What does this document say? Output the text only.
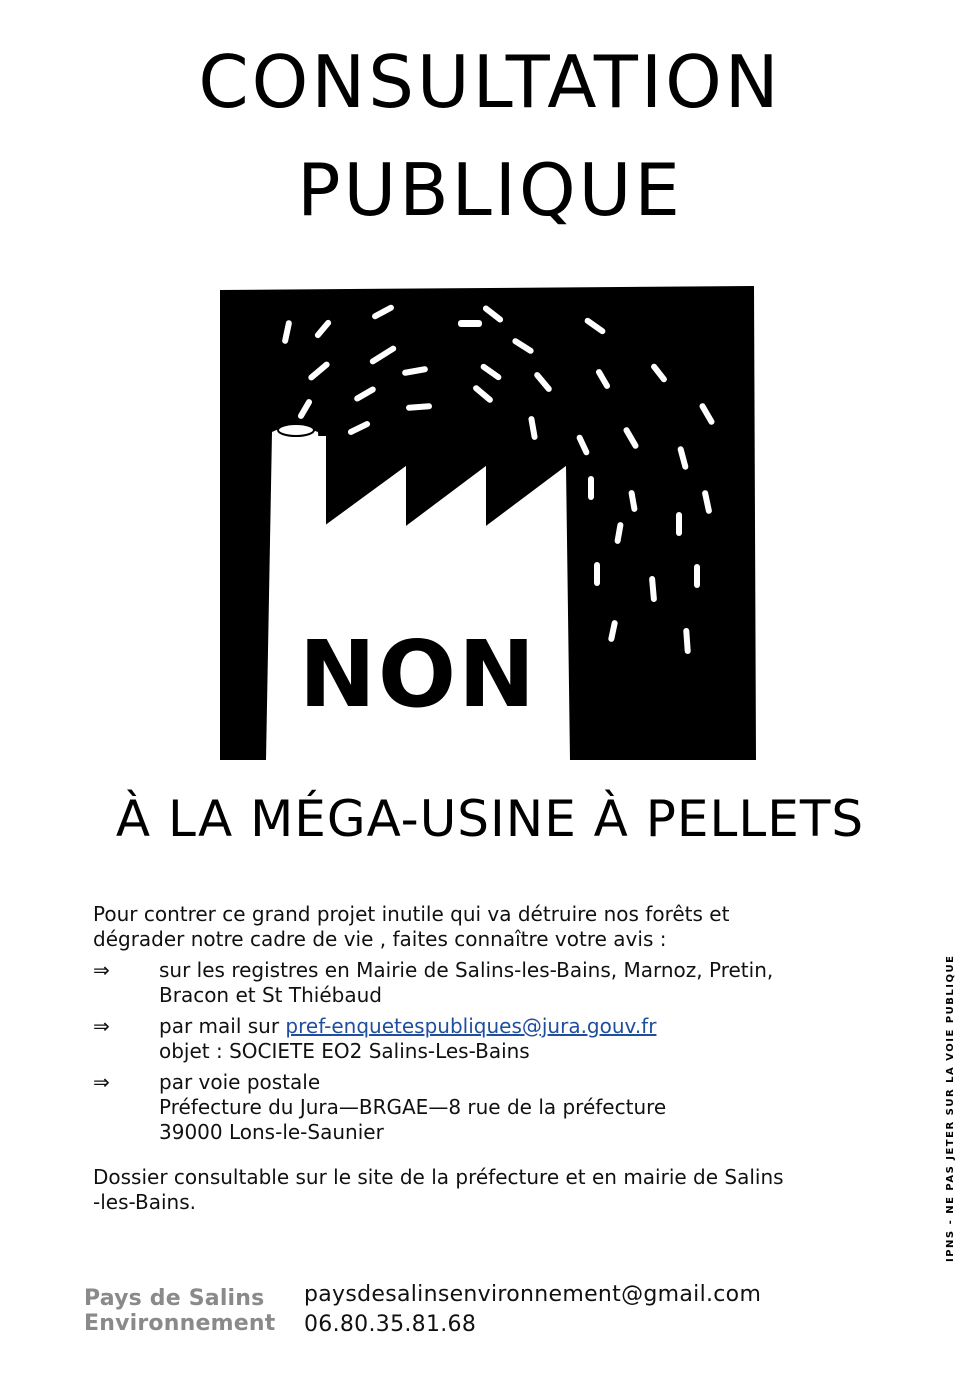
CONSULTATION
PUBLIQUE
NON
À LA MÉGA-USINE À PELLETS
Pour contrer ce grand projet inutile qui va détruire nos forêts et
dégrader notre cadre de vie , faites connaître votre avis :
⇒	sur les registres en Mairie de Salins-les-Bains, Marnoz, Pretin,
Bracon et St Thiébaud
⇒	par mail sur pref-enquetespubliques@jura.gouv.fr
objet : SOCIETE EO2 Salins-Les-Bains
⇒	par voie postale
Préfecture du Jura—BRGAE—8 rue de la préfecture
39000 Lons-le-Saunier
Dossier consultable sur le site de la préfecture et en mairie de Salins
-les-Bains.	IPNS - NE PAS JETER SUR LA VOIE PUBLIQUE
Pays de Salins
Environnement
paysdesalinsenvironnement@gmail.com
06.80.35.81.68
